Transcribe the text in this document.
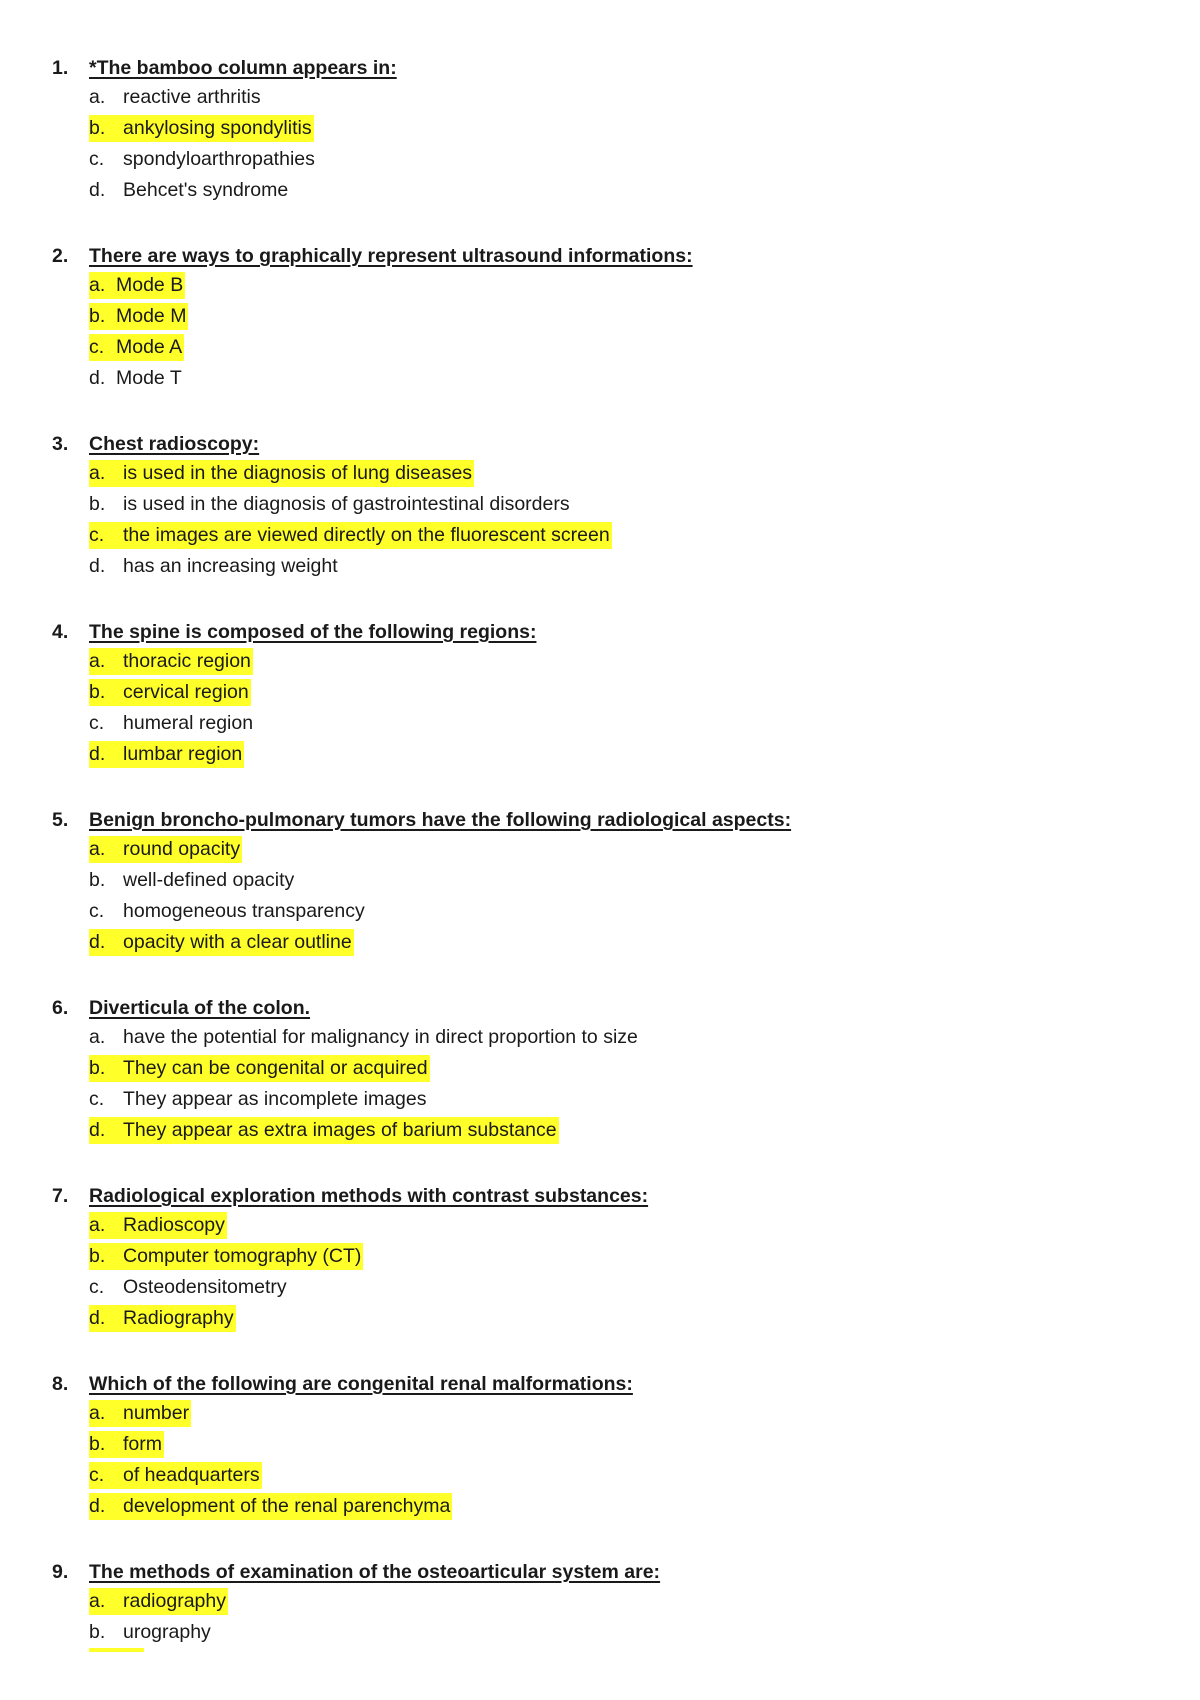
1. *The bamboo column appears in:
a. reactive arthritis
b. ankylosing spondylitis
c. spondyloarthropathies
d. Behcet's syndrome
2. There are ways to graphically represent ultrasound informations:
a. Mode B
b. Mode M
c. Mode A
d. Mode T
3. Chest radioscopy:
a. is used in the diagnosis of lung diseases
b. is used in the diagnosis of gastrointestinal disorders
c. the images are viewed directly on the fluorescent screen
d. has an increasing weight
4. The spine is composed of the following regions:
a. thoracic region
b. cervical region
c. humeral region
d. lumbar region
5. Benign broncho-pulmonary tumors have the following radiological aspects:
a. round opacity
b. well-defined opacity
c. homogeneous transparency
d. opacity with a clear outline
6. Diverticula of the colon.
a. have the potential for malignancy in direct proportion to size
b. They can be congenital or acquired
c. They appear as incomplete images
d. They appear as extra images of barium substance
7. Radiological exploration methods with contrast substances:
a. Radioscopy
b. Computer tomography (CT)
c. Osteodensitometry
d. Radiography
8. Which of the following are congenital renal malformations:
a. number
b. form
c. of headquarters
d. development of the renal parenchyma
9. The methods of examination of the osteoarticular system are:
a. radiography
b. urography
